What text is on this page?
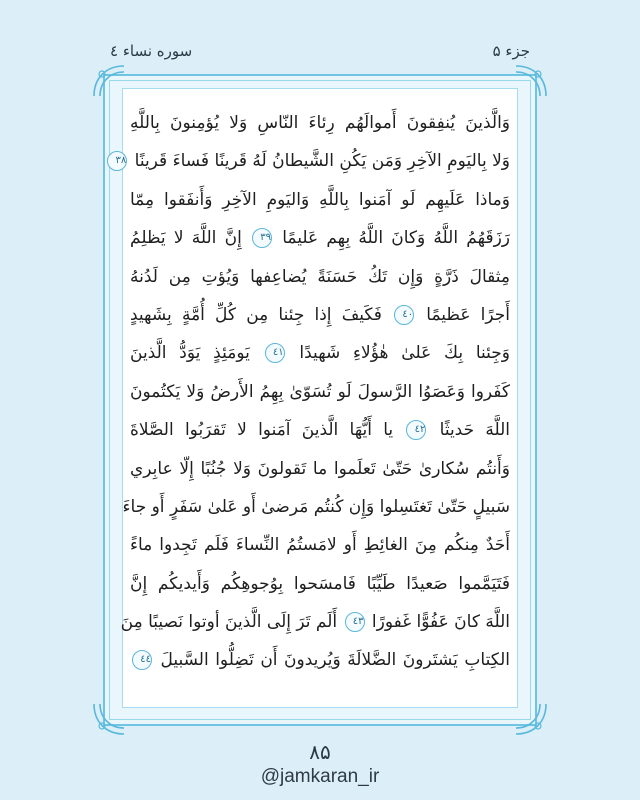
جزء ۵
سوره نساء ٤
وَالَّذينَ يُنفِقونَ أَموالَهُم رِئاءَ النّاسِ وَلا يُؤمِنونَ بِاللَّهِ
وَلا بِاليَومِ الآخِرِ وَمَن يَكُنِ الشَّيطانُ لَهُ قَرينًا فَساءَ قَرينًا ٣٨
وَماذا عَلَيهِم لَو آمَنوا بِاللَّهِ وَاليَومِ الآخِرِ وَأَنفَقوا مِمّا
رَزَقَهُمُ اللَّهُ وَكانَ اللَّهُ بِهِم عَليمًا ٣٩ إِنَّ اللَّهَ لا يَظلِمُ
مِثقالَ ذَرَّةٍ وَإِن تَكُ حَسَنَةً يُضاعِفها وَيُؤتِ مِن لَدُنهُ
أَجرًا عَظيمًا ٤٠ فَكَيفَ إِذا جِئنا مِن كُلِّ أُمَّةٍ بِشَهيدٍ
وَجِئنا بِكَ عَلىٰ هٰؤُلاءِ شَهيدًا ٤١ يَومَئِذٍ يَوَدُّ الَّذينَ
كَفَروا وَعَصَوُا الرَّسولَ لَو تُسَوّىٰ بِهِمُ الأَرضُ وَلا يَكتُمونَ
اللَّهَ حَديثًا ٤٢ يا أَيُّهَا الَّذينَ آمَنوا لا تَقرَبُوا الصَّلاةَ
وَأَنتُم سُكارىٰ حَتّىٰ تَعلَموا ما تَقولونَ وَلا جُنُبًا إِلّا عابِري
سَبيلٍ حَتّىٰ تَغتَسِلوا وَإِن كُنتُم مَرضىٰ أَو عَلىٰ سَفَرٍ أَو جاءَ
أَحَدٌ مِنكُم مِنَ الغائِطِ أَو لامَستُمُ النِّساءَ فَلَم تَجِدوا ماءً
فَتَيَمَّموا صَعيدًا طَيِّبًا فَامسَحوا بِوُجوهِكُم وَأَيديكُم إِنَّ
اللَّهَ كانَ عَفُوًّا غَفورًا ٤٣ أَلَم تَرَ إِلَى الَّذينَ أوتوا نَصيبًا مِنَ
الكِتابِ يَشتَرونَ الضَّلالَةَ وَيُريدونَ أَن تَضِلُّوا السَّبيلَ ٤٤
۸۵
@jamkaran_ir
